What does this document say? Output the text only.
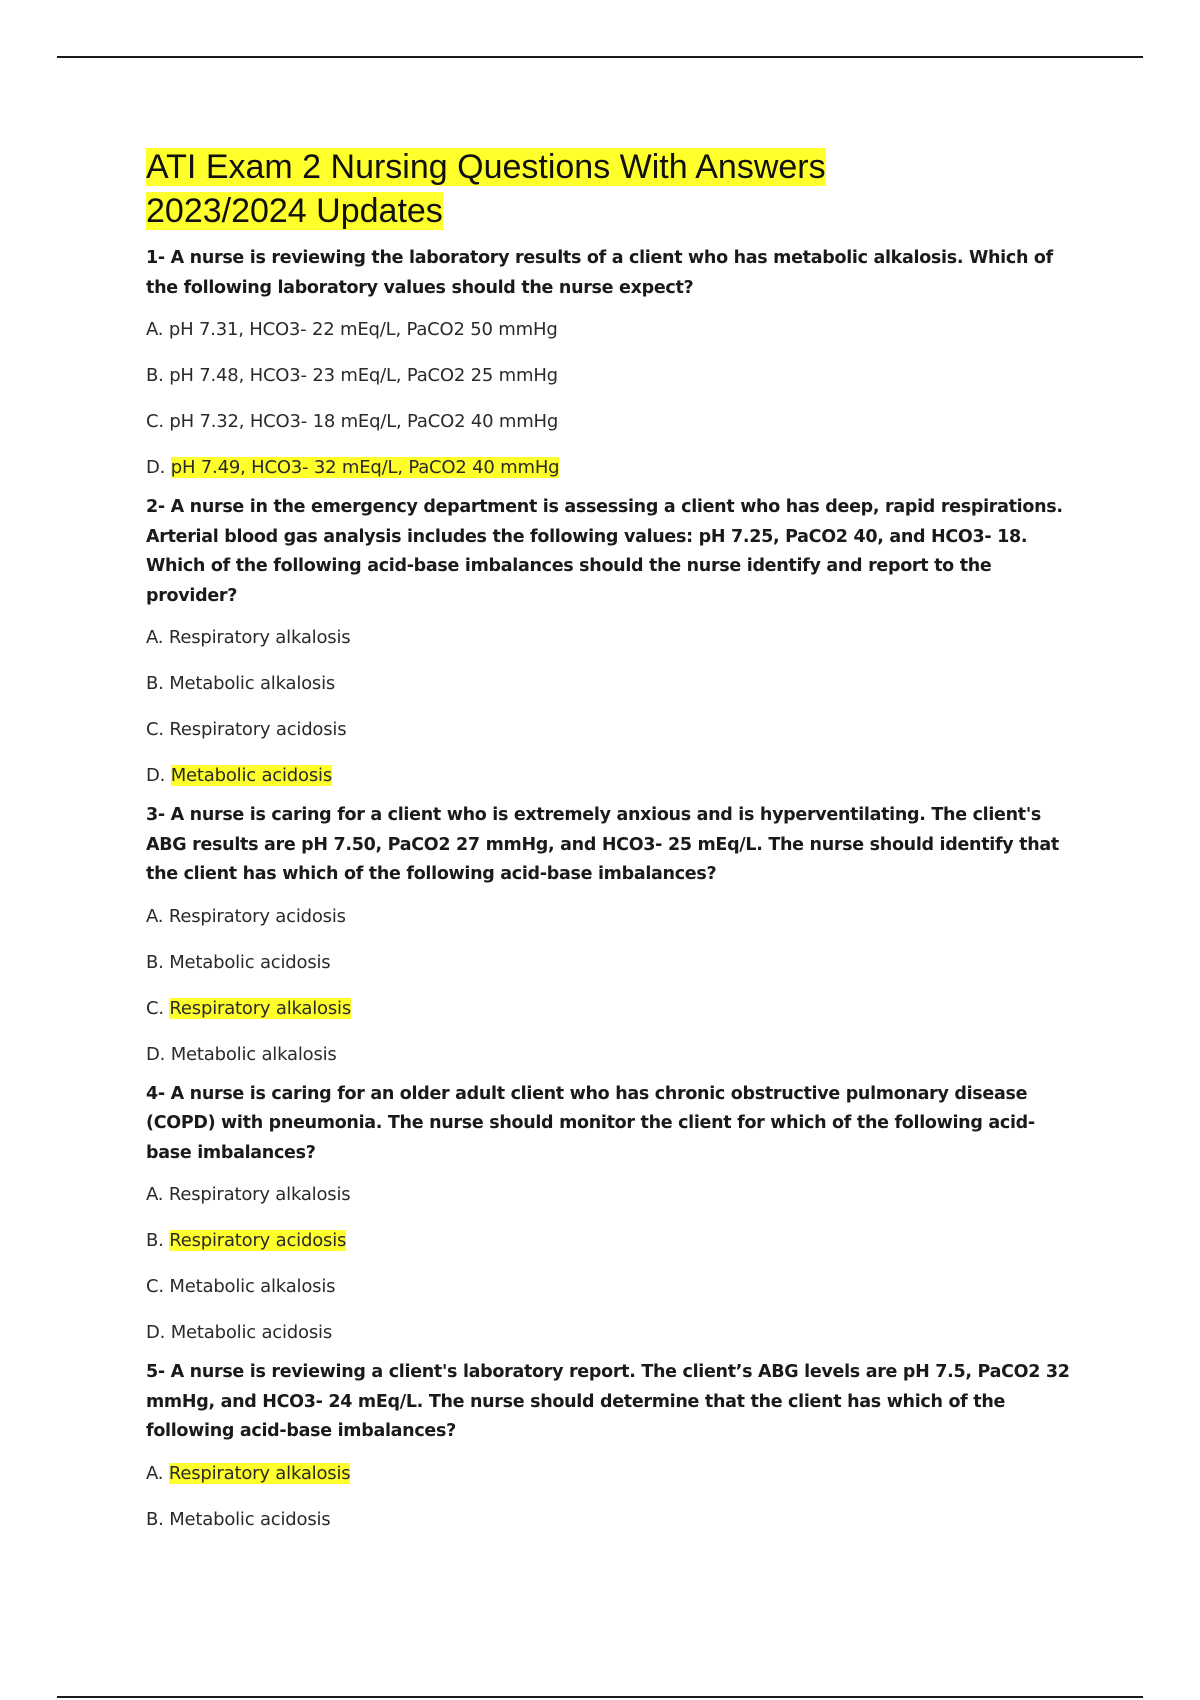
ATI Exam 2 Nursing Questions With Answers
2023/2024 Updates

1- A nurse is reviewing the laboratory results of a client who has metabolic alkalosis. Which of the following laboratory values should the nurse expect?

A. pH 7.31, HCO3- 22 mEq/L, PaCO2 50 mmHg

B. pH 7.48, HCO3- 23 mEq/L, PaCO2 25 mmHg

C. pH 7.32, HCO3- 18 mEq/L, PaCO2 40 mmHg

D. pH 7.49, HCO3- 32 mEq/L, PaCO2 40 mmHg

2- A nurse in the emergency department is assessing a client who has deep, rapid respirations. Arterial blood gas analysis includes the following values: pH 7.25, PaCO2 40, and HCO3- 18. Which of the following acid-base imbalances should the nurse identify and report to the provider?

A. Respiratory alkalosis

B. Metabolic alkalosis

C. Respiratory acidosis

D. Metabolic acidosis

3- A nurse is caring for a client who is extremely anxious and is hyperventilating. The client's ABG results are pH 7.50, PaCO2 27 mmHg, and HCO3- 25 mEq/L. The nurse should identify that the client has which of the following acid-base imbalances?

A. Respiratory acidosis

B. Metabolic acidosis

C. Respiratory alkalosis

D. Metabolic alkalosis

4- A nurse is caring for an older adult client who has chronic obstructive pulmonary disease (COPD) with pneumonia. The nurse should monitor the client for which of the following acid-base imbalances?

A. Respiratory alkalosis

B. Respiratory acidosis

C. Metabolic alkalosis

D. Metabolic acidosis

5- A nurse is reviewing a client's laboratory report. The client’s ABG levels are pH 7.5, PaCO2 32 mmHg, and HCO3- 24 mEq/L. The nurse should determine that the client has which of the following acid-base imbalances?

A. Respiratory alkalosis

B. Metabolic acidosis
